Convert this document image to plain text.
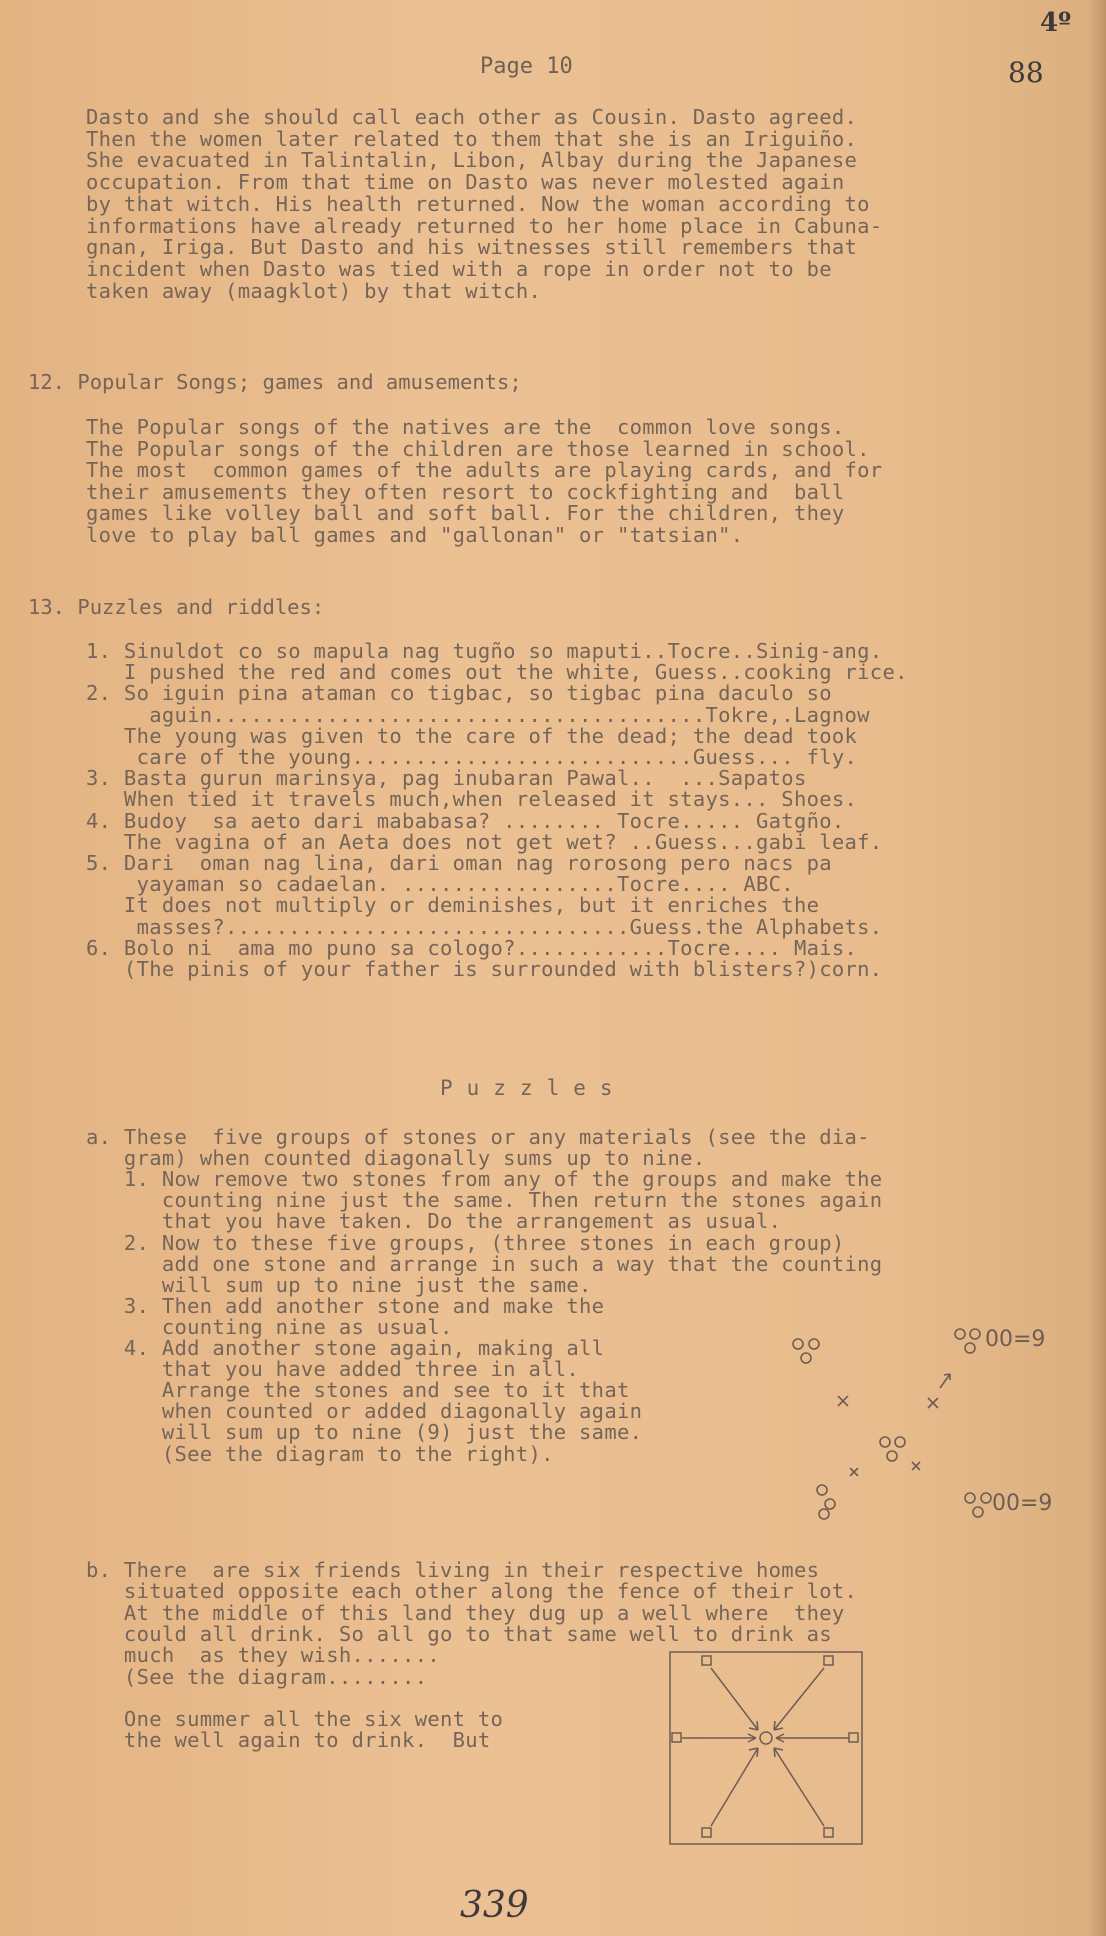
Page 10
4º
88
Dasto and she should call each other as Cousin. Dasto agreed.
Then the women later related to them that she is an Iriguiño.
She evacuated in Talintalin, Libon, Albay during the Japanese
occupation. From that time on Dasto was never molested again
by that witch. His health returned. Now the woman according to
informations have already returned to her home place in Cabuna-
gnan, Iriga. But Dasto and his witnesses still remembers that
incident when Dasto was tied with a rope in order not to be
taken away (maagklot) by that witch.
12. Popular Songs; games and amusements;
The Popular songs of the natives are the  common love songs.
The Popular songs of the children are those learned in school.
The most  common games of the adults are playing cards, and for
their amusements they often resort to cockfighting and  ball
games like volley ball and soft ball. For the children, they
love to play ball games and "gallonan" or "tatsian".
13. Puzzles and riddles:
1. Sinuldot co so mapula nag tugño so maputi..Tocre..Sinig-ang.
I pushed the red and comes out the white, Guess..cooking rice.
2. So iguin pina ataman co tigbac, so tigbac pina daculo so
aguin.......................................Tokre,.Lagnow
The young was given to the care of the dead; the dead took
care of the young...........................Guess... fly.
3. Basta gurun marinsya, pag inubaran Pawal..  ...Sapatos
When tied it travels much,when released it stays... Shoes.
4. Budoy  sa aeto dari mababasa? ........ Tocre..... Gatgño.
The vagina of an Aeta does not get wet? ..Guess...gabi leaf.
5. Dari  oman nag lina, dari oman nag rorosong pero nacs pa
yayaman so cadaelan. .................Tocre.... ABC.
It does not multiply or deminishes, but it enriches the
masses?................................Guess.the Alphabets.
6. Bolo ni  ama mo puno sa cologo?............Tocre.... Mais.
(The pinis of your father is surrounded with blisters?)corn.
Puzzles
a. These  five groups of stones or any materials (see the dia-
gram) when counted diagonally sums up to nine.
1. Now remove two stones from any of the groups and make the
counting nine just the same. Then return the stones again
that you have taken. Do the arrangement as usual.
2. Now to these five groups, (three stones in each group)
add one stone and arrange in such a way that the counting
will sum up to nine just the same.
3. Then add another stone and make the
counting nine as usual.
4. Add another stone again, making all
that you have added three in all.
Arrange the stones and see to it that
when counted or added diagonally again
will sum up to nine (9) just the same.
(See the diagram to the right).
b. There  are six friends living in their respective homes
situated opposite each other along the fence of their lot.
At the middle of this land they dug up a well where  they
could all drink. So all go to that same well to drink as
much  as they wish.......
(See the diagram........
One summer all the six went to
the well again to drink.  But
00=9
00=9
339
